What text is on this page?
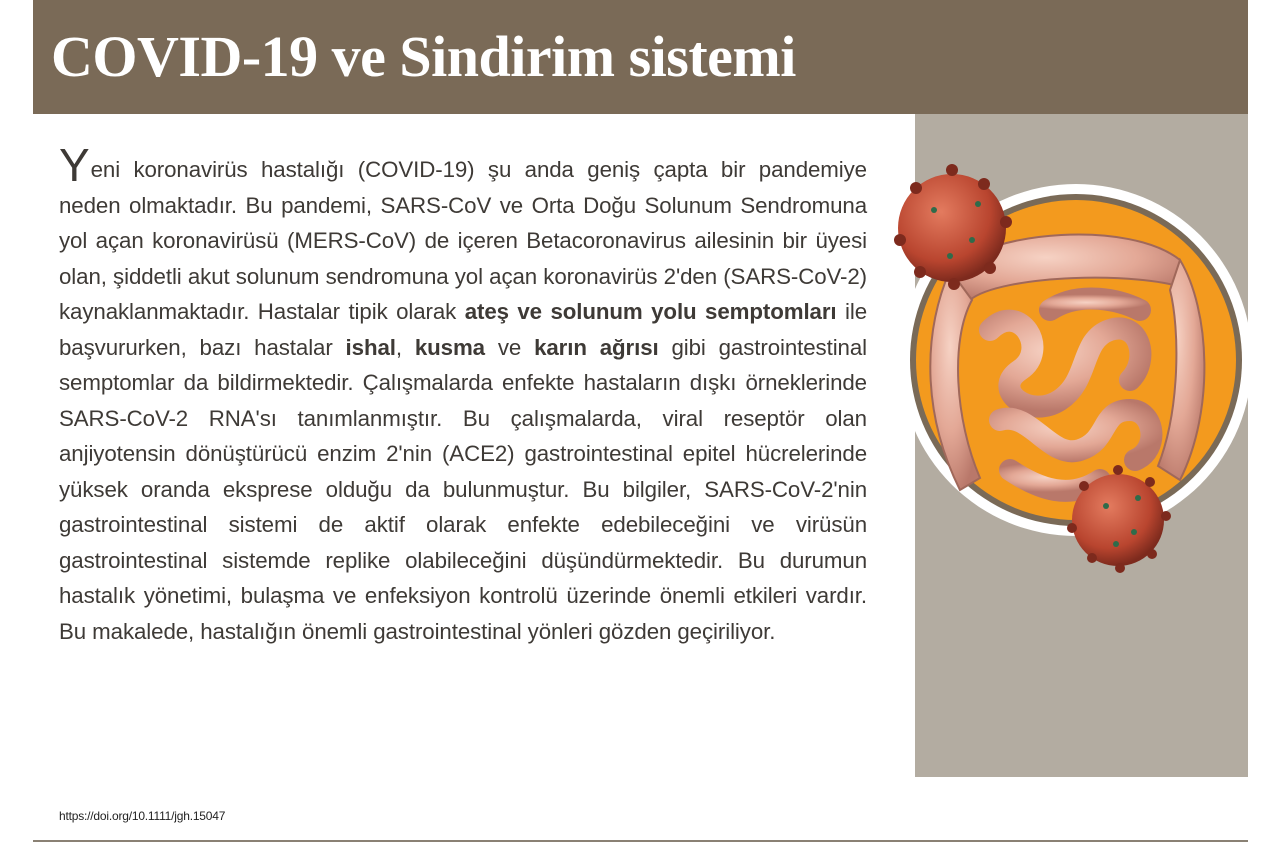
COVID-19 ve Sindirim sistemi
Yeni koronavirüs hastalığı (COVID-19) şu anda geniş çapta bir pandemiye neden olmaktadır. Bu pandemi, SARS-CoV ve Orta Doğu Solunum Sendromuna yol açan koronavirüsü (MERS-CoV) de içeren Betacoronavirus ailesinin bir üyesi olan, şiddetli akut solunum sendromuna yol açan koronavirüs 2'den (SARS-CoV-2) kaynaklanmaktadır. Hastalar tipik olarak ateş ve solunum yolu semptomları ile başvururken, bazı hastalar ishal, kusma ve karın ağrısı gibi gastrointestinal semptomlar da bildirmektedir. Çalışmalarda enfekte hastaların dışkı örneklerinde SARS-CoV-2 RNA'sı tanımlanmıştır. Bu çalışmalarda, viral reseptör olan anjiyotensin dönüştürücü enzim 2'nin (ACE2) gastrointestinal epitel hücrelerinde yüksek oranda ekspresе olduğu da bulunmuştur. Bu bilgiler, SARS-CoV-2'nin gastrointestinal sistemi de aktif olarak enfekte edebileceğini ve virüsün gastrointestinal sistemde replike olabileceğini düşündürmektedir. Bu durumun hastalık yönetimi, bulaşma ve enfeksiyon kontrolü üzerinde önemli etkileri vardır. Bu makalede, hastalığın önemli gastrointestinal yönleri gözden geçiriliyor.
https://doi.org/10.1111/jgh.15047
